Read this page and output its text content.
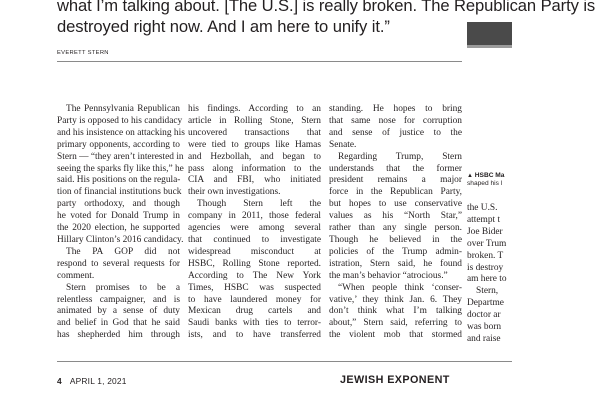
what I’m talking about. [The U.S.] is really broken. The Republican Party is
destroyed right now. And I am here to unify it.”
EVERETT STERN
The Pennsylvania Republican
Party is opposed to his candidacy
and his insistence on attacking his
primary opponents, according to
Stern — “they aren’t interested in
seeing the sparks fly like this,” he
said. His positions on the regula-
tion of financial institutions buck
party orthodoxy, and though
he voted for Donald Trump in
the 2020 election, he supported
Hillary Clinton’s 2016 candidacy.
The PA GOP did not
respond to several requests for
comment.
Stern promises to be a
relentless campaigner, and is
animated by a sense of duty
and belief in God that he said
has shepherded him through
his findings. According to an
article in Rolling Stone, Stern
uncovered transactions that
were tied to groups like Hamas
and Hezbollah, and began to
pass along information to the
CIA and FBI, who initiated
their own investigations.
Though Stern left the
company in 2011, those federal
agencies were among several
that continued to investigate
widespread misconduct at
HSBC, Rolling Stone reported.
According to The New York
Times, HSBC was suspected
to have laundered money for
Mexican drug cartels and
Saudi banks with ties to terror-
ists, and to have transferred
standing. He hopes to bring
that same nose for corruption
and sense of justice to the
Senate.
Regarding Trump, Stern
understands that the former
president remains a major
force in the Republican Party,
but hopes to use conservative
values as his “North Star,”
rather than any single person.
Though he believed in the
policies of the Trump admin-
istration, Stern said, he found
the man’s behavior “atrocious.”
“When people think ‘conser-
vative,’ they think Jan. 6. They
don’t think what I’m talking
about,” Stern said, referring to
the violent mob that stormed
▲ HSBC Ma
shaped his l
the U.S.
attempt t
Joe Bider
over Trum
broken. T
is destroy
am here to
Stern,
Departme
doctor ar
was born
and raise
4 APRIL 1, 2021	JEWISH EXPONENT
